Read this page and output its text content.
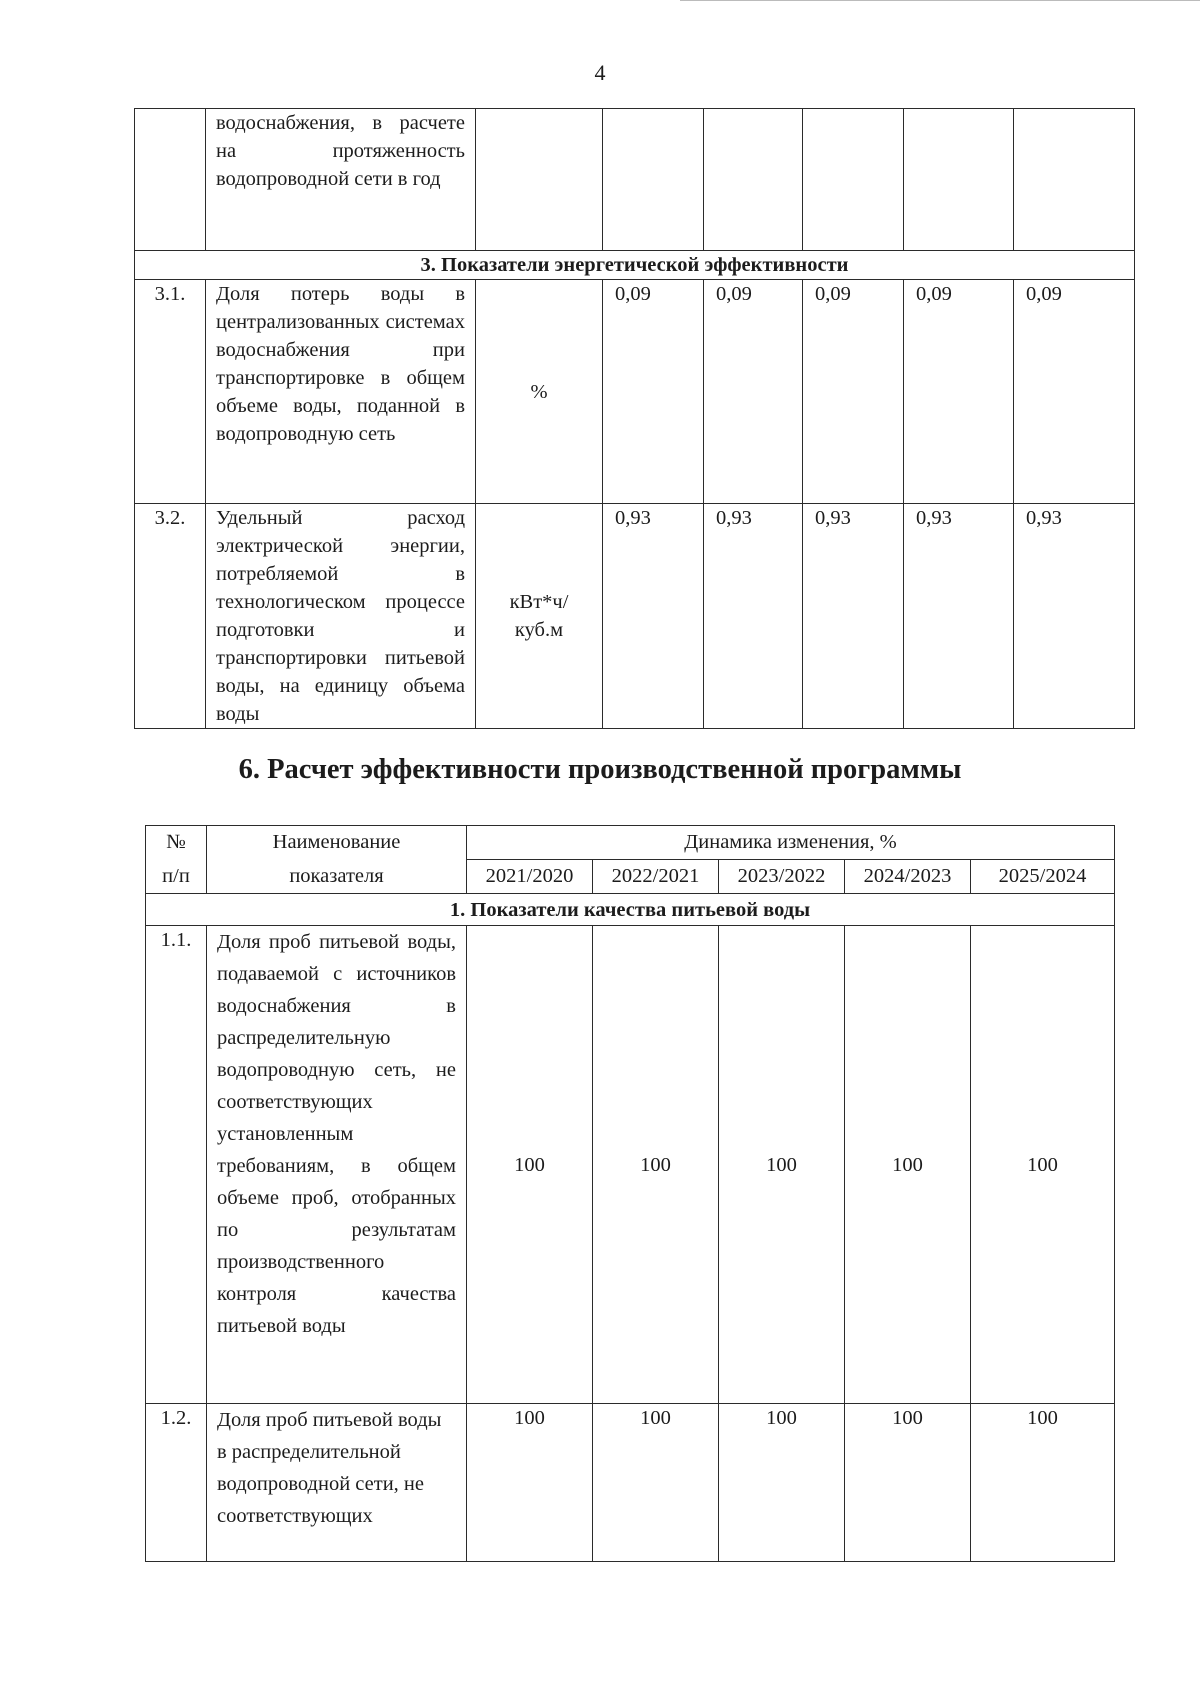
4
	водоснабжения, в расчете на протяженность водопроводной сети в год						
3. Показатели энергетической эффективности							
3.1.	Доля потерь воды в централизованных системах водоснабжения при транспортировке в общем объеме воды, поданной в водопроводную сеть	%	0,09	0,09	0,09	0,09	0,09
3.2.	Удельный расход электрической энергии, потребляемой в технологическом процессе подготовки и транспортировки питьевой воды, на единицу объема воды	кВт*ч/ куб.м	0,93	0,93	0,93	0,93	0,93
6. Расчет эффективности производственной программы
№	Наименование	Динамика изменения, %				
п/п	показателя	2021/2020	2022/2021	2023/2022	2024/2023	2025/2024
1. Показатели качества питьевой воды						
1.1.	Доля проб питьевой воды, подаваемой с источников водоснабжения в распределительную водопроводную сеть, не соответствующих установленным требованиям, в общем объеме проб, отобранных по результатам производственного контроля качества питьевой воды	100	100	100	100	100
1.2.	Доля проб питьевой воды в распределительной водопроводной сети, не соответствующих	100	100	100	100	100
